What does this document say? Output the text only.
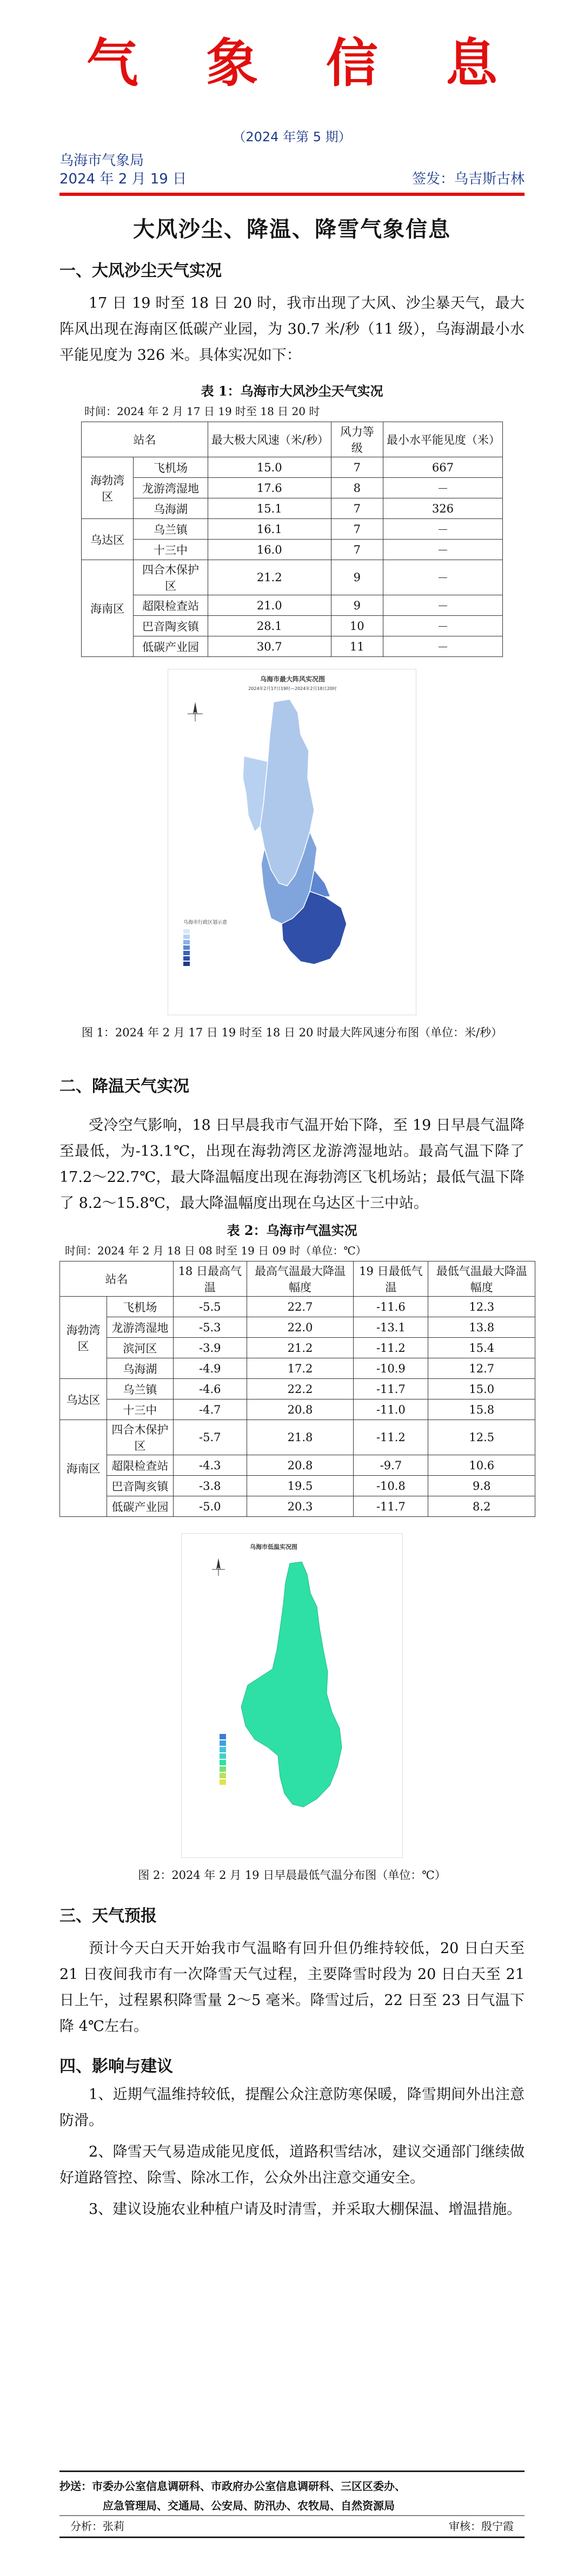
气 象 信 息
（2024 年第 5 期）
乌海市气象局
2024 年 2 月 19 日	签发：乌吉斯古林
大风沙尘、降温、降雪气象信息
一、大风沙尘天气实况

17 日 19 时至 18 日 20 时，我市出现了大风、沙尘暴天气，最大阵风出现在海南区低碳产业园，为 30.7 米/秒（11 级），乌海湖最小水平能见度为 326 米。具体实况如下：

表 1：乌海市大风沙尘天气实况
时间：2024 年 2 月 17 日 19 时至 18 日 20 时
站名		最大极大风速（米/秒）	风力等级	最小水平能见度（米）
海勃湾区	飞机场	15.0	7	667
	龙游湾湿地	17.6	8	－
	乌海湖	15.1	7	326
乌达区	乌兰镇	16.1	7	－
	十三中	16.0	7	－
海南区	四合木保护区	21.2	9	－
	超限检查站	21.0	9	－
	巴音陶亥镇	28.1	10	－
	低碳产业园	30.7	11	－
乌海市最大阵风实况图
2024年2月17日19时—2024年2月18日20时
乌海市行政区划示意
图 1：2024 年 2 月 17 日 19 时至 18 日 20 时最大阵风速分布图（单位：米/秒）
二、降温天气实况

受冷空气影响，18 日早晨我市气温开始下降，至 19 日早晨气温降至最低，为-13.1℃，出现在海勃湾区龙游湾湿地站。最高气温下降了 17.2～22.7℃，最大降温幅度出现在海勃湾区飞机场站；最低气温下降了 8.2～15.8℃，最大降温幅度出现在乌达区十三中站。

表 2：乌海市气温实况
时间：2024 年 2 月 18 日 08 时至 19 日 09 时（单位：℃）
站名		18 日最高气温	最高气温最大降温幅度	19 日最低气温	最低气温最大降温幅度
海勃湾区	飞机场	-5.5	22.7	-11.6	12.3
	龙游湾湿地	-5.3	22.0	-13.1	13.8
	滨河区	-3.9	21.2	-11.2	15.4
	乌海湖	-4.9	17.2	-10.9	12.7
乌达区	乌兰镇	-4.6	22.2	-11.7	15.0
	十三中	-4.7	20.8	-11.0	15.8
海南区	四合木保护区	-5.7	21.8	-11.2	12.5
	超限检查站	-4.3	20.8	-9.7	10.6
	巴音陶亥镇	-3.8	19.5	-10.8	9.8
	低碳产业园	-5.0	20.3	-11.7	8.2
乌海市低温实况图
图 2：2024 年 2 月 19 日早晨最低气温分布图（单位：℃）
三、天气预报

预计今天白天开始我市气温略有回升但仍维持较低，20 日白天至 21 日夜间我市有一次降雪天气过程，主要降雪时段为 20 日白天至 21 日上午，过程累积降雪量 2～5 毫米。降雪过后，22 日至 23 日气温下降 4℃左右。

四、影响与建议

1、近期气温维持较低，提醒公众注意防寒保暖，降雪期间外出注意防滑。

2、降雪天气易造成能见度低，道路积雪结冰，建议交通部门继续做好道路管控、除雪、除冰工作，公众外出注意交通安全。

3、建议设施农业种植户请及时清雪，并采取大棚保温、增温措施。

抄送：市委办公室信息调研科、市政府办公室信息调研科、三区区委办、
应急管理局、交通局、公安局、防汛办、农牧局、自然资源局
分析：张莉	审核：殷宁霞
